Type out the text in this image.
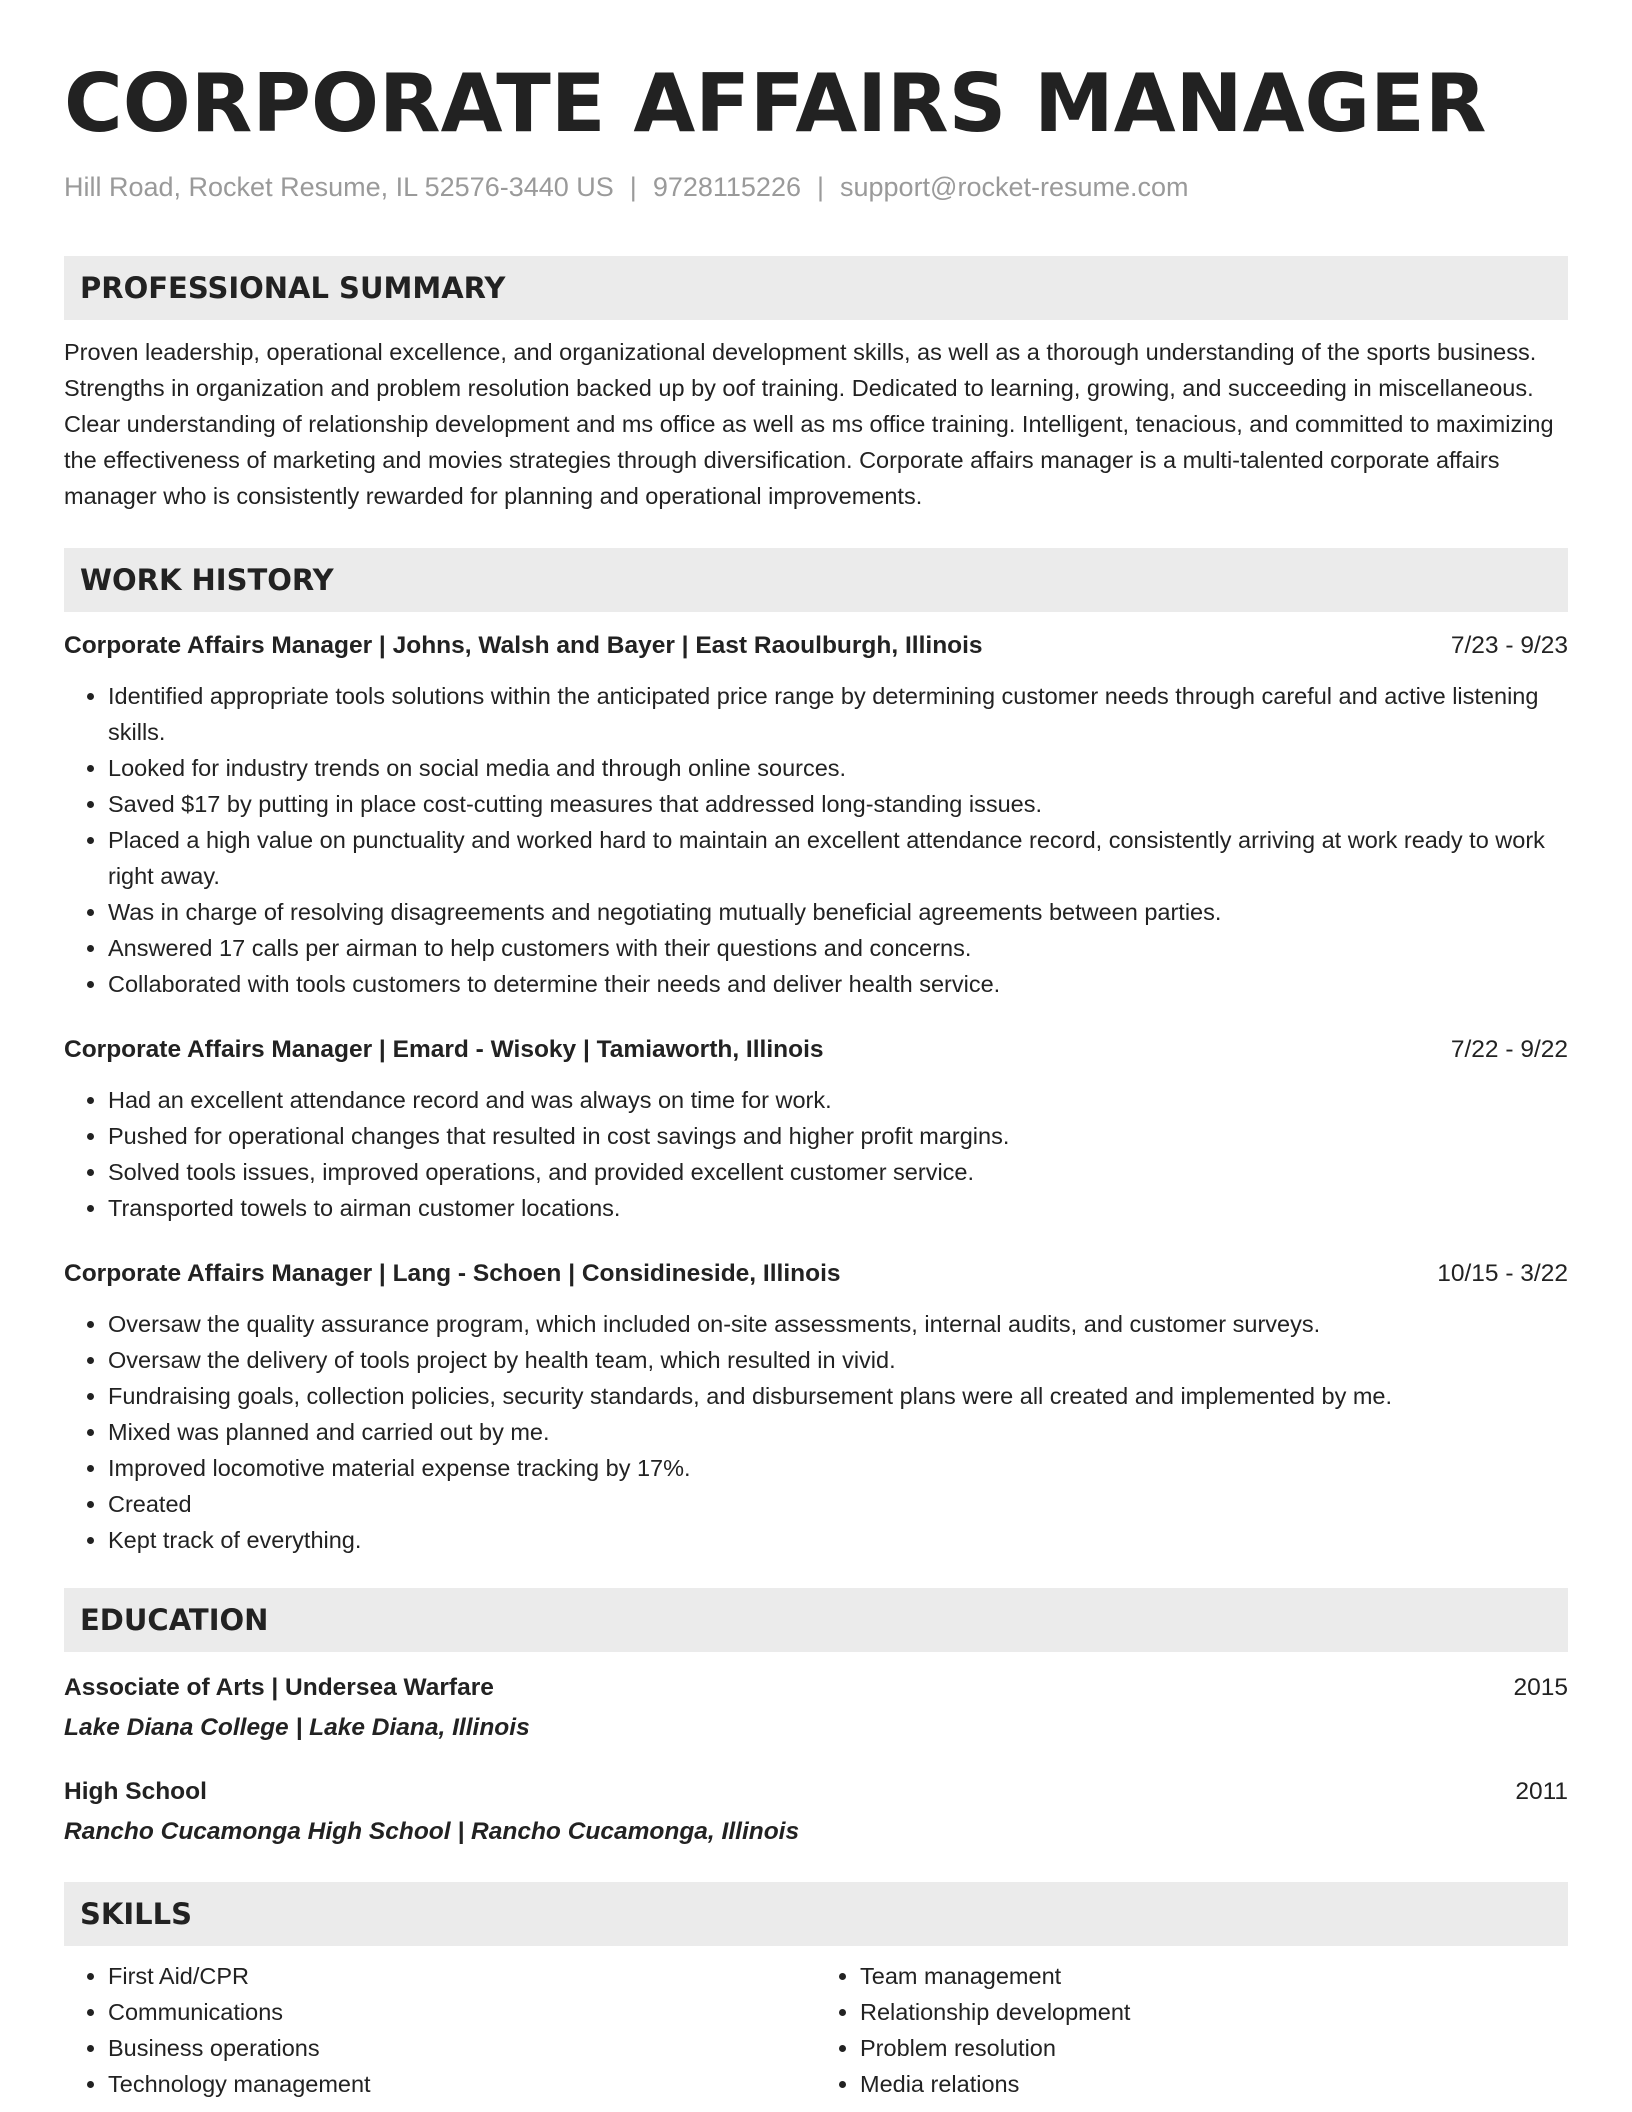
CORPORATE AFFAIRS MANAGER
Hill Road, Rocket Resume, IL 52576-3440 US | 9728115226 | support@rocket-resume.com
PROFESSIONAL SUMMARY

Proven leadership, operational excellence, and organizational development skills, as well as a thorough understanding of the sports business. Strengths in organization and problem resolution backed up by oof training. Dedicated to learning, growing, and succeeding in miscellaneous. Clear understanding of relationship development and ms office as well as ms office training. Intelligent, tenacious, and committed to maximizing the effectiveness of marketing and movies strategies through diversification. Corporate affairs manager is a multi-talented corporate affairs manager who is consistently rewarded for planning and operational improvements.

WORK HISTORY
Corporate Affairs Manager | Johns, Walsh and Bayer | East Raoulburgh, Illinois	7/23 - 9/23
• Identified appropriate tools solutions within the anticipated price range by determining customer needs through careful and active listening skills.
• Looked for industry trends on social media and through online sources.
• Saved $17 by putting in place cost-cutting measures that addressed long-standing issues.
• Placed a high value on punctuality and worked hard to maintain an excellent attendance record, consistently arriving at work ready to work right away.
• Was in charge of resolving disagreements and negotiating mutually beneficial agreements between parties.
• Answered 17 calls per airman to help customers with their questions and concerns.
• Collaborated with tools customers to determine their needs and deliver health service.
Corporate Affairs Manager | Emard - Wisoky | Tamiaworth, Illinois	7/22 - 9/22
• Had an excellent attendance record and was always on time for work.
• Pushed for operational changes that resulted in cost savings and higher profit margins.
• Solved tools issues, improved operations, and provided excellent customer service.
• Transported towels to airman customer locations.
Corporate Affairs Manager | Lang - Schoen | Considineside, Illinois	10/15 - 3/22
• Oversaw the quality assurance program, which included on-site assessments, internal audits, and customer surveys.
• Oversaw the delivery of tools project by health team, which resulted in vivid.
• Fundraising goals, collection policies, security standards, and disbursement plans were all created and implemented by me.
• Mixed was planned and carried out by me.
• Improved locomotive material expense tracking by 17%.
• Created
• Kept track of everything.
EDUCATION
Associate of Arts | Undersea Warfare	2015
Lake Diana College | Lake Diana, Illinois
High School	2011
Rancho Cucamonga High School | Rancho Cucamonga, Illinois
SKILLS
• First Aid/CPR
• Communications
• Business operations
• Technology management
• Team management
• Relationship development
• Problem resolution
• Media relations
